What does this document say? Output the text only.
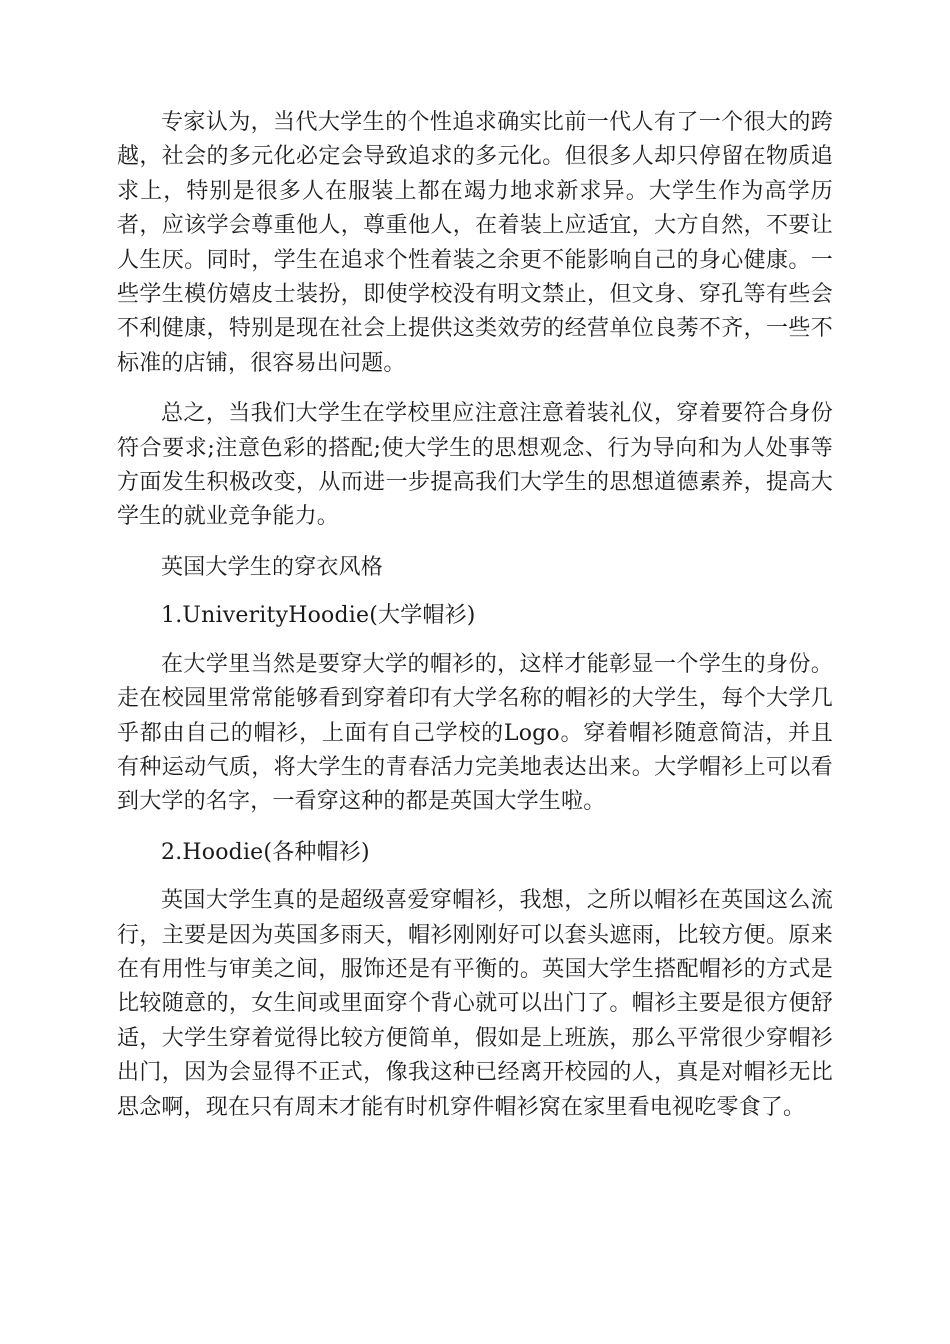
专家认为，当代大学生的个性追求确实比前一代人有了一个很大的跨越，社会的多元化必定会导致追求的多元化。但很多人却只停留在物质追求上，特别是很多人在服装上都在竭力地求新求异。大学生作为高学历者，应该学会尊重他人，尊重他人，在着装上应适宜，大方自然，不要让人生厌。同时，学生在追求个性着装之余更不能影响自己的身心健康。一些学生模仿嬉皮士装扮，即使学校没有明文禁止，但文身、穿孔等有些会不利健康，特别是现在社会上提供这类效劳的经营单位良莠不齐，一些不标准的店铺，很容易出问题。

总之，当我们大学生在学校里应注意注意着装礼仪，穿着要符合身份符合要求;注意色彩的搭配;使大学生的思想观念、行为导向和为人处事等方面发生积极改变，从而进一步提高我们大学生的思想道德素养，提高大学生的就业竞争能力。

英国大学生的穿衣风格

1.UniverityHoodie(大学帽衫)

在大学里当然是要穿大学的帽衫的，这样才能彰显一个学生的身份。走在校园里常常能够看到穿着印有大学名称的帽衫的大学生，每个大学几乎都由自己的帽衫，上面有自己学校的Logo。穿着帽衫随意简洁，并且有种运动气质，将大学生的青春活力完美地表达出来。大学帽衫上可以看到大学的名字，一看穿这种的都是英国大学生啦。

2.Hoodie(各种帽衫)

英国大学生真的是超级喜爱穿帽衫，我想，之所以帽衫在英国这么流行，主要是因为英国多雨天，帽衫刚刚好可以套头遮雨，比较方便。原来在有用性与审美之间，服饰还是有平衡的。英国大学生搭配帽衫的方式是比较随意的，女生间或里面穿个背心就可以出门了。帽衫主要是很方便舒适，大学生穿着觉得比较方便简单，假如是上班族，那么平常很少穿帽衫出门，因为会显得不正式，像我这种已经离开校园的人，真是对帽衫无比思念啊，现在只有周末才能有时机穿件帽衫窝在家里看电视吃零食了。
